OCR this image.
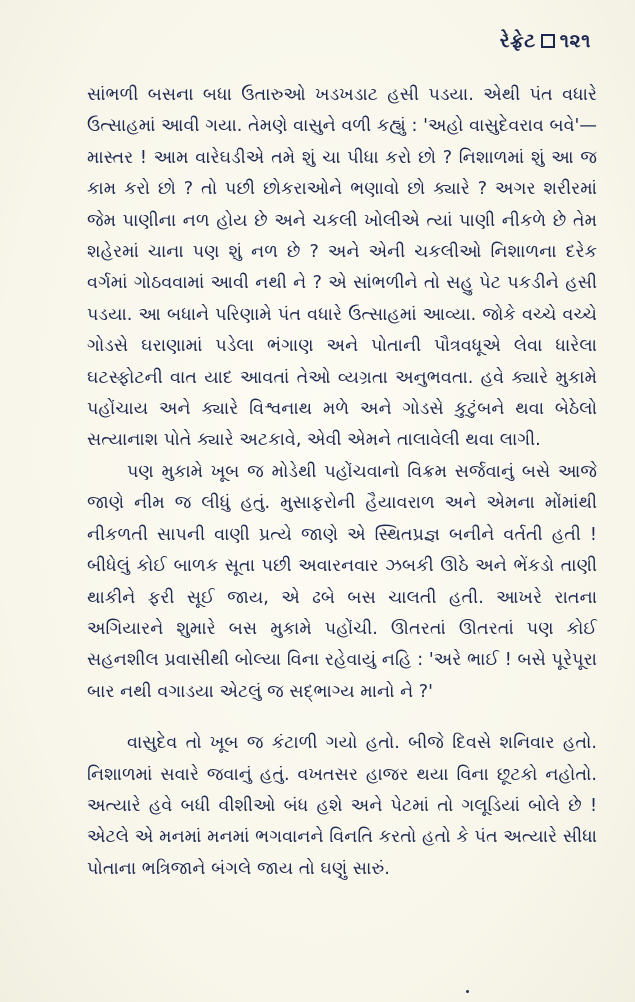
રેફ્રેટ ૧૨૧

સાંભળી બસના બધા ઉતારુઓ ખડખડાટ હસી પડયા. એથી પંત વધારે ઉત્સાહમાં આવી ગયા. તેમણે વાસુને વળી કહ્યું : 'અહો વાસુદેવરાવ બવે'—માસ્તર ! આમ વારેઘડીએ તમે શું ચા પીધા કરો છો ? નિશાળમાં શું આ જ કામ કરો છો ? તો પછી છોકરાઓને ભણાવો છો ક્યારે ? અગર શરીરમાં જેમ પાણીના નળ હોય છે અને ચકલી ખોલીએ ત્યાં પાણી નીકળે છે તેમ શહેરમાં ચાના પણ શું નળ છે ? અને એની ચકલીઓ નિશાળના દરેક વર્ગમાં ગોઠવવામાં આવી નથી ને ? એ સાંભળીને તો સહુ પેટ પકડીને હસી પડયા. આ બધાને પરિણામે પંત વધારે ઉત્સાહમાં આવ્યા. જોકે વચ્ચે વચ્ચે ગોડસે ઘરાણામાં પડેલા ભંગાણ અને પોતાની પૌત્રવધૂએ લેવા ધારેલા ઘટસ્ફોટની વાત યાદ આવતાં તેઓ વ્યગ્રતા અનુભવતા. હવે ક્યારે મુકામે પહોંચાય અને ક્યારે વિશ્વનાથ મળે અને ગોડસે કુટુંબને થવા બેઠેલો સત્યાનાશ પોતે ક્યારે અટકાવે, એવી એમને તાલાવેલી થવા લાગી.

પણ મુકામે ખૂબ જ મોડેથી પહોંચવાનો વિક્રમ સર્જવાનું બસે આજે જાણે નીમ જ લીધું હતું. મુસાફરોની હૈયાવરાળ અને એમના મોંમાંથી નીકળતી સાપની વાણી પ્રત્યે જાણે એ સ્થિતપ્રજ્ઞ બનીને વર્તતી હતી ! બીધેલું કોઈ બાળક સૂતા પછી અવારનવાર ઝબકી ઊઠે અને ભેંકડો તાણી થાકીને ફરી સૂઈ જાય, એ ઢબે બસ ચાલતી હતી. આખરે રાતના અગિયારને શુમારે બસ મુકામે પહોંચી. ઊતરતાં ઊતરતાં પણ કોઈ સહનશીલ પ્રવાસીથી બોલ્યા વિના રહેવાયું નહિ : 'અરે ભાઈ ! બસે પૂરેપૂરા બાર નથી વગાડયા એટલું જ સદ્ભાગ્ય માનો ને ?'

વાસુદેવ તો ખૂબ જ કંટાળી ગયો હતો. બીજે દિવસે શનિવાર હતો. નિશાળમાં સવારે જવાનું હતું. વખતસર હાજર થયા વિના છૂટકો નહોતો. અત્યારે હવે બધી વીશીઓ બંધ હશે અને પેટમાં તો ગલૂડિયાં બોલે છે ! એટલે એ મનમાં મનમાં ભગવાનને વિનતિ કરતો હતો કે પંત અત્યારે સીધા પોતાના ભત્રિજાને બંગલે જાય તો ઘણું સારું.
